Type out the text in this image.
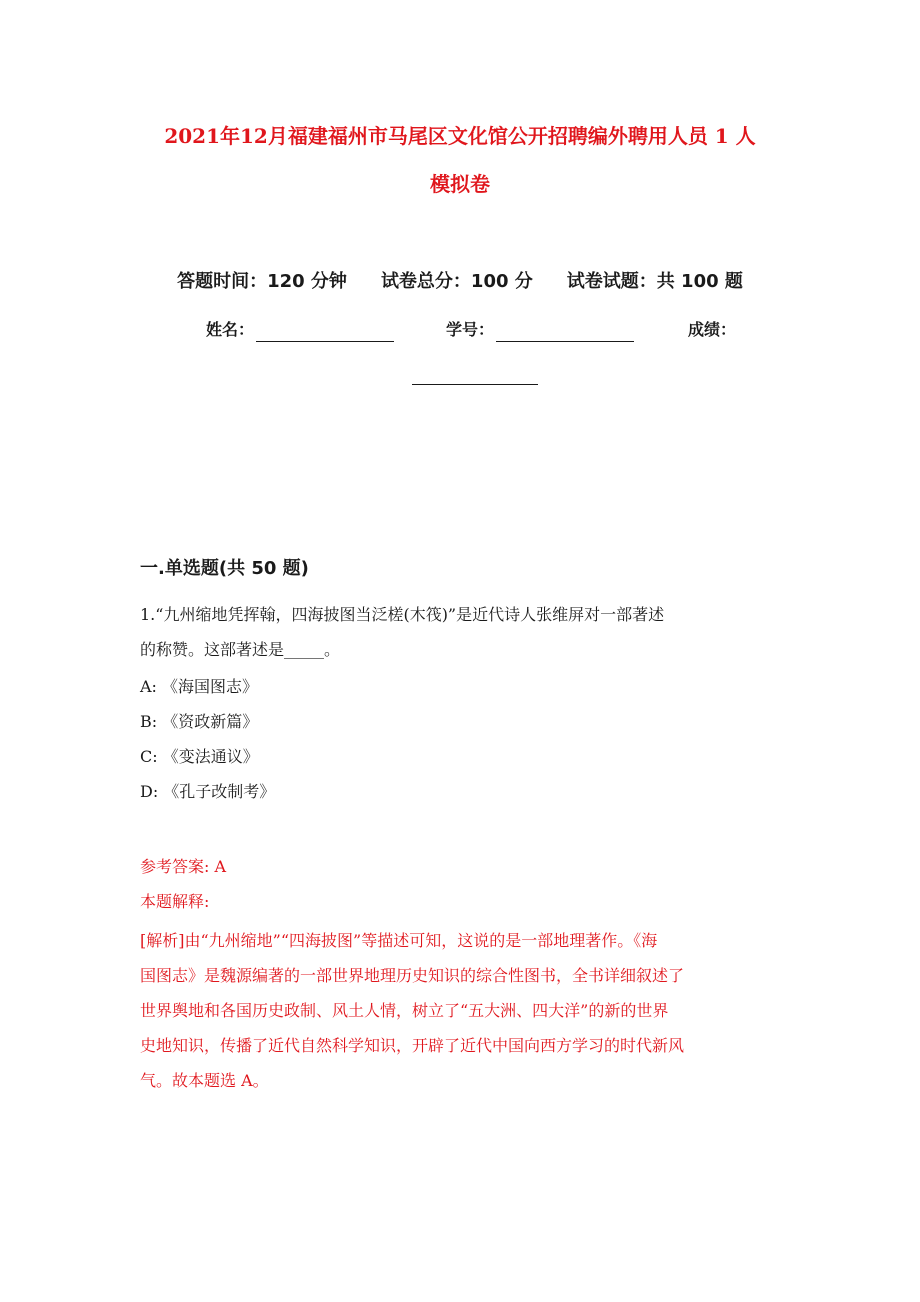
2021年12月福建福州市马尾区文化馆公开招聘编外聘用人员 1 人
模拟卷
答题时间：120 分钟 试卷总分：100 分 试卷试题：共 100 题
姓名：	学号：	成绩：
一.单选题(共 50 题)

1.“九州缩地凭挥翰，四海披图当泛槎(木筏)”是近代诗人张维屏对一部著述

的称赞。这部著述是_____。

A: 《海国图志》

B: 《资政新篇》

C: 《变法通议》

D: 《孔子改制考》

参考答案: A

本题解释:

[解析]由“九州缩地”“四海披图”等描述可知，这说的是一部地理著作。《海

国图志》是魏源编著的一部世界地理历史知识的综合性图书，全书详细叙述了

世界舆地和各国历史政制、风土人情，树立了“五大洲、四大洋”的新的世界

史地知识，传播了近代自然科学知识，开辟了近代中国向西方学习的时代新风

气。故本题选 A。
